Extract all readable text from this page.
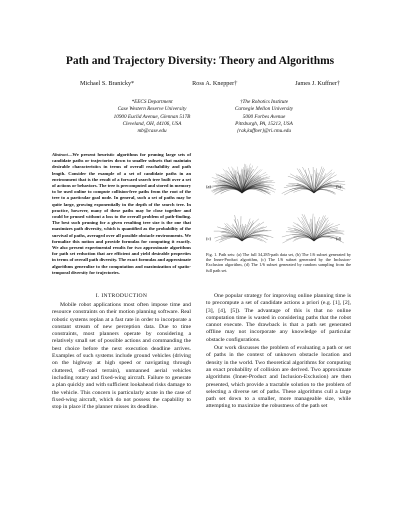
Path and Trajectory Diversity: Theory and Algorithms
Michael S. Branicky*	Ross A. Knepper†	James J. Kuffner†
*EECS Department
Case Western Reserve University
10900 Euclid Avenue, Glennan 517B
Cleveland, OH, 44106, USA
mb@case.edu
†The Robotics Institute
Carnegie Mellon University
5000 Forbes Avenue
Pittsburgh, PA, 15213, USA
{rak,kuffner}@ri.cmu.edu
Abstract—We present heuristic algorithms for pruning large sets of candidate paths or trajectories down to smaller subsets that maintain desirable characteristics in terms of overall reachability and path length. Consider the example of a set of candidate paths in an environment that is the result of a forward search tree built over a set of actions or behaviors. The tree is precomputed and stored in memory to be used online to compute collision-free paths from the root of the tree to a particular goal node. In general, such a set of paths may be quite large, growing exponentially in the depth of the search tree. In practice, however, many of these paths may be close together and could be pruned without a loss to the overall problem of path-finding. The best such pruning for a given resulting tree size is the one that maximizes path diversity, which is quantified as the probability of the survival of paths, averaged over all possible obstacle environments. We formalize this notion and provide formulas for computing it exactly. We also present experimental results for two approximate algorithms for path set reduction that are efficient and yield desirable properties in terms of overall path diversity. The exact formulas and approximate algorithms generalize to the computation and maximization of spatio-temporal diversity for trajectories.
I. INTRODUCTION

Mobile robot applications most often impose time and resource constraints on their motion planning software. Real robotic systems replan at a fast rate in order to incorporate a constant stream of new perception data. Due to time constraints, most planners operate by considering a relatively small set of possible actions and commanding the best choice before the next execution deadline arrives. Examples of such systems include ground vehicles (driving on the highway at high speed or navigating through cluttered, off-road terrain), unmanned aerial vehicles including rotary and fixed-wing aircraft. Failure to generate a plan quickly and with sufficient lookahead risks damage to the vehicle. This concern is particularly acute in the case of fixed-wing aircraft, which do not possess the capability to stop in place if the planner misses its deadline.

(a)	(b)
(c)	(d)
Fig. 1. Path sets: (a) The full 34,285-path data set, (b) The 1/6 subset generated by the Inner-Product algorithm, (c) The 1/6 subset generated by the Inclusion-Exclusion algorithm, (d) The 1/6 subset generated by random sampling from the full path set.

One popular strategy for improving online planning time is to precompute a set of candidate actions a priori (e.g. [1], [2], [3], [4], [5]). The advantage of this is that no online computation time is wasted in considering paths that the robot cannot execute. The drawback is that a path set generated offline may not incorporate any knowledge of particular obstacle configurations.

Our work discusses the problem of evaluating a path or set of paths in the context of unknown obstacle location and density in the world. Two theoretical algorithms for computing an exact probability of collision are derived. Two approximate algorithms (Inner-Product and Inclusion-Exclusion) are then presented, which provide a tractable solution to the problem of selecting a diverse set of paths. These algorithms cull a large path set down to a smaller, more manageable size, while attempting to maximize the robustness of the path set
